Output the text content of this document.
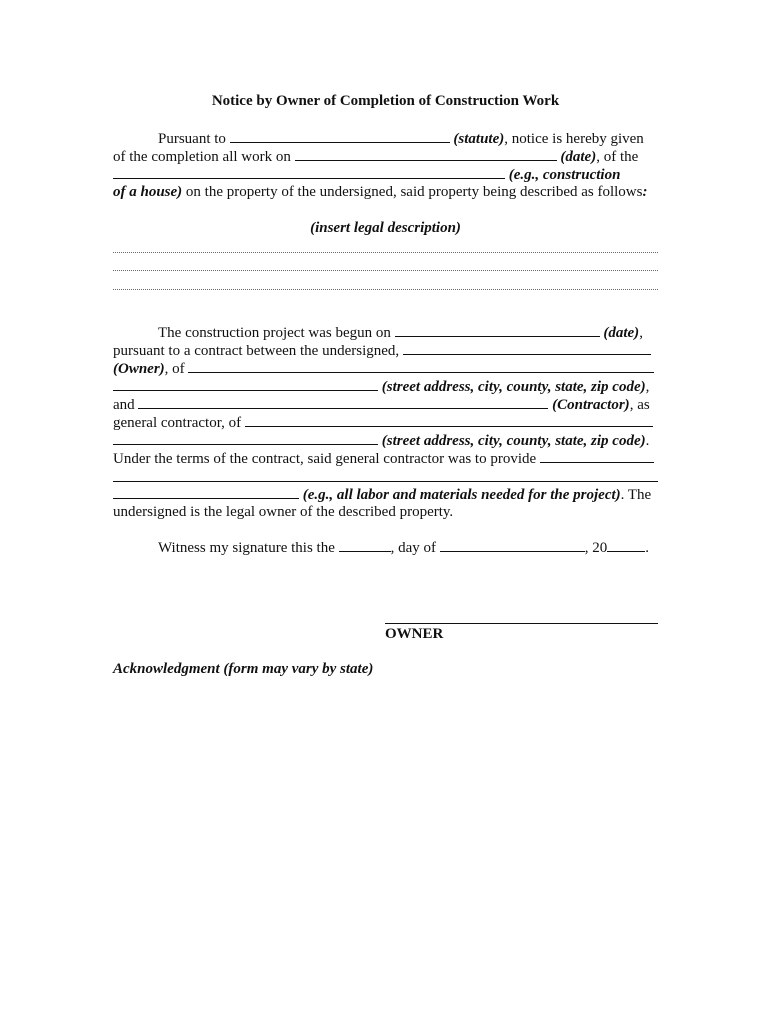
Notice by Owner of Completion of Construction Work
Pursuant to	(statute), notice is hereby given
of the completion all work on	(date), of the
(e.g., construction
of a house) on the property of the undersigned, said property being described as follows:
(insert legal description)
The construction project was begun on	(date),
pursuant to a contract between the undersigned,
(Owner), of
(street address, city, county, state, zip code),
and	(Contractor), as
general contractor, of
(street address, city, county, state, zip code).
Under the terms of the contract, said general contractor was to provide
(e.g., all labor and materials needed for the project). The
undersigned is the legal owner of the described property.
Witness my signature this the	, day of	, 20	.
OWNER
Acknowledgment (form may vary by state)
